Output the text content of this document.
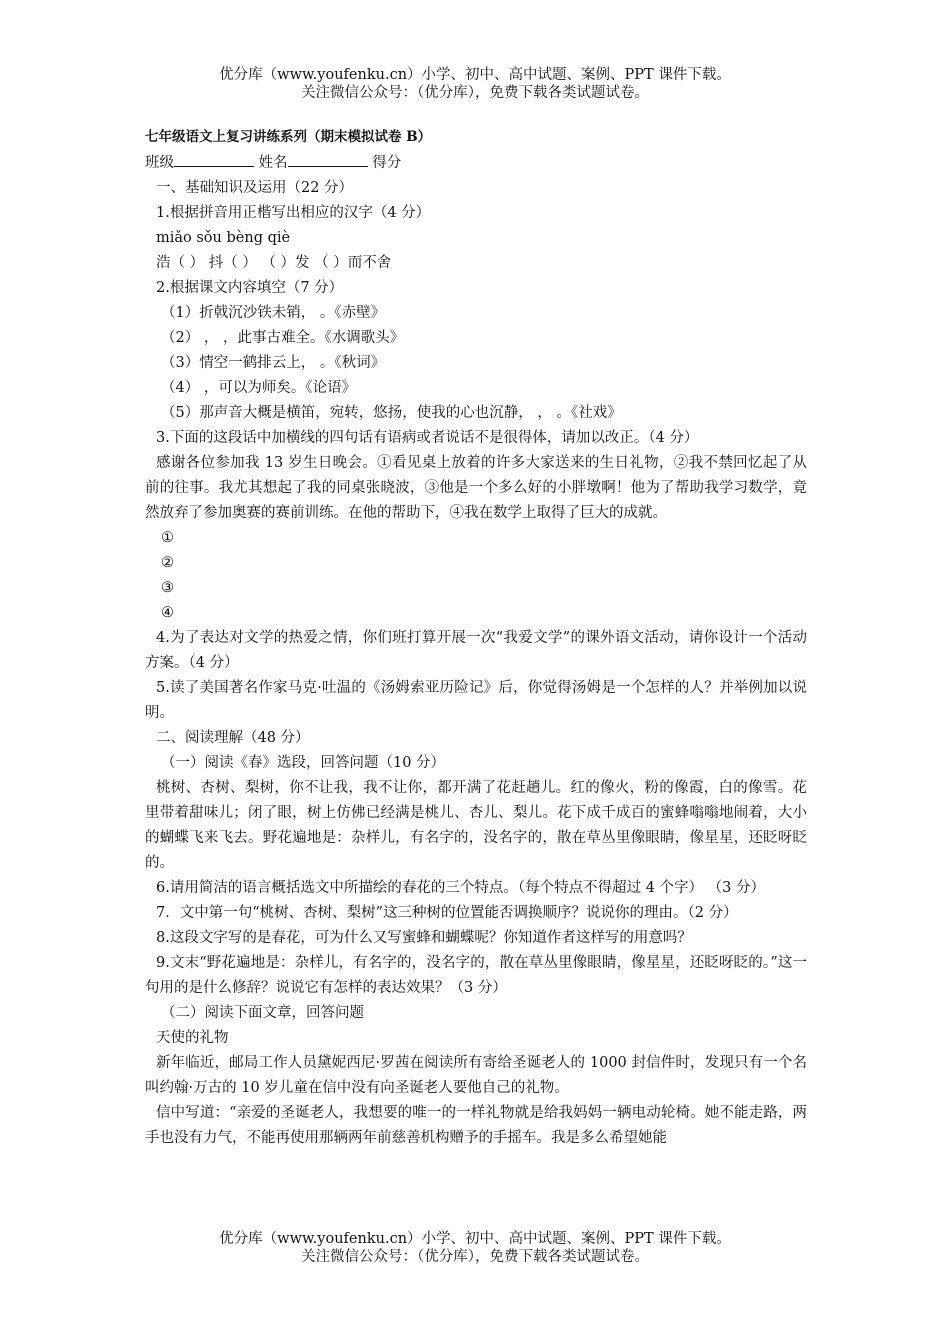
优分库（www.youfenku.cn）小学、初中、高中试题、案例、PPT 课件下载。
关注微信公众号：（优分库），免费下载各类试题试卷。

七年级语文上复习讲练系列（期末模拟试卷 B）

班级	姓名	得分

一、基础知识及运用（22 分）

1.根据拼音用正楷写出相应的汉字（4 分）

miǎo sǒu bèng qiè

浩（ ） 抖（ ） （ ）发 （ ）而不舍

2.根据课文内容填空（7 分）

（1）折戟沉沙铁未销， 。《赤壁》

（2） ， ，此事古难全。《水调歌头》

（3）情空一鹤排云上， 。《秋词》

（4） ，可以为师矣。《论语》

（5）那声音大概是横笛，宛转，悠扬，使我的心也沉静， ， 。《社戏》

3.下面的这段话中加横线的四句话有语病或者说话不是很得体，请加以改正。（4 分）

感谢各位参加我 13 岁生日晚会。①看见桌上放着的许多大家送来的生日礼物，②我不禁回忆起了从前的往事。我尤其想起了我的同桌张晓波，③他是一个多么好的小胖墩啊！他为了帮助我学习数学，竟然放弃了参加奥赛的赛前训练。在他的帮助下，④我在数学上取得了巨大的成就。

①

②

③

④

4.为了表达对文学的热爱之情，你们班打算开展一次“我爱文学”的课外语文活动，请你设计一个活动方案。（4 分）

5.读了美国著名作家马克·吐温的《汤姆索亚历险记》后，你觉得汤姆是一个怎样的人？并举例加以说明。

二、阅读理解（48 分）

（一）阅读《春》选段，回答问题（10 分）

桃树、杏树、梨树，你不让我，我不让你，都开满了花赶趟儿。红的像火，粉的像霞，白的像雪。花里带着甜味儿；闭了眼，树上仿佛已经满是桃儿、杏儿、梨儿。花下成千成百的蜜蜂嗡嗡地闹着，大小的蝴蝶飞来飞去。野花遍地是：杂样儿，有名字的，没名字的，散在草丛里像眼睛，像星星，还眨呀眨的。

6.请用简洁的语言概括选文中所描绘的春花的三个特点。（每个特点不得超过 4 个字） （3 分）

7．文中第一句“桃树、杏树、梨树”这三种树的位置能否调换顺序？说说你的理由。（2 分）

8.这段文字写的是春花，可为什么又写蜜蜂和蝴蝶呢？你知道作者这样写的用意吗？

9.文末“野花遍地是：杂样儿，有名字的，没名字的，散在草丛里像眼睛，像星星，还眨呀眨的。”这一句用的是什么修辞？说说它有怎样的表达效果？（3 分）

（二）阅读下面文章，回答问题

天使的礼物

新年临近，邮局工作人员黛妮西尼·罗茜在阅读所有寄给圣诞老人的 1000 封信件时，发现只有一个名叫约翰·万古的 10 岁儿童在信中没有向圣诞老人要他自己的礼物。

信中写道：“亲爱的圣诞老人，我想要的唯一的一样礼物就是给我妈妈一辆电动轮椅。她不能走路，两手也没有力气，不能再使用那辆两年前慈善机构赠予的手摇车。我是多么希望她能

优分库（www.youfenku.cn）小学、初中、高中试题、案例、PPT 课件下载。
关注微信公众号：（优分库），免费下载各类试题试卷。
